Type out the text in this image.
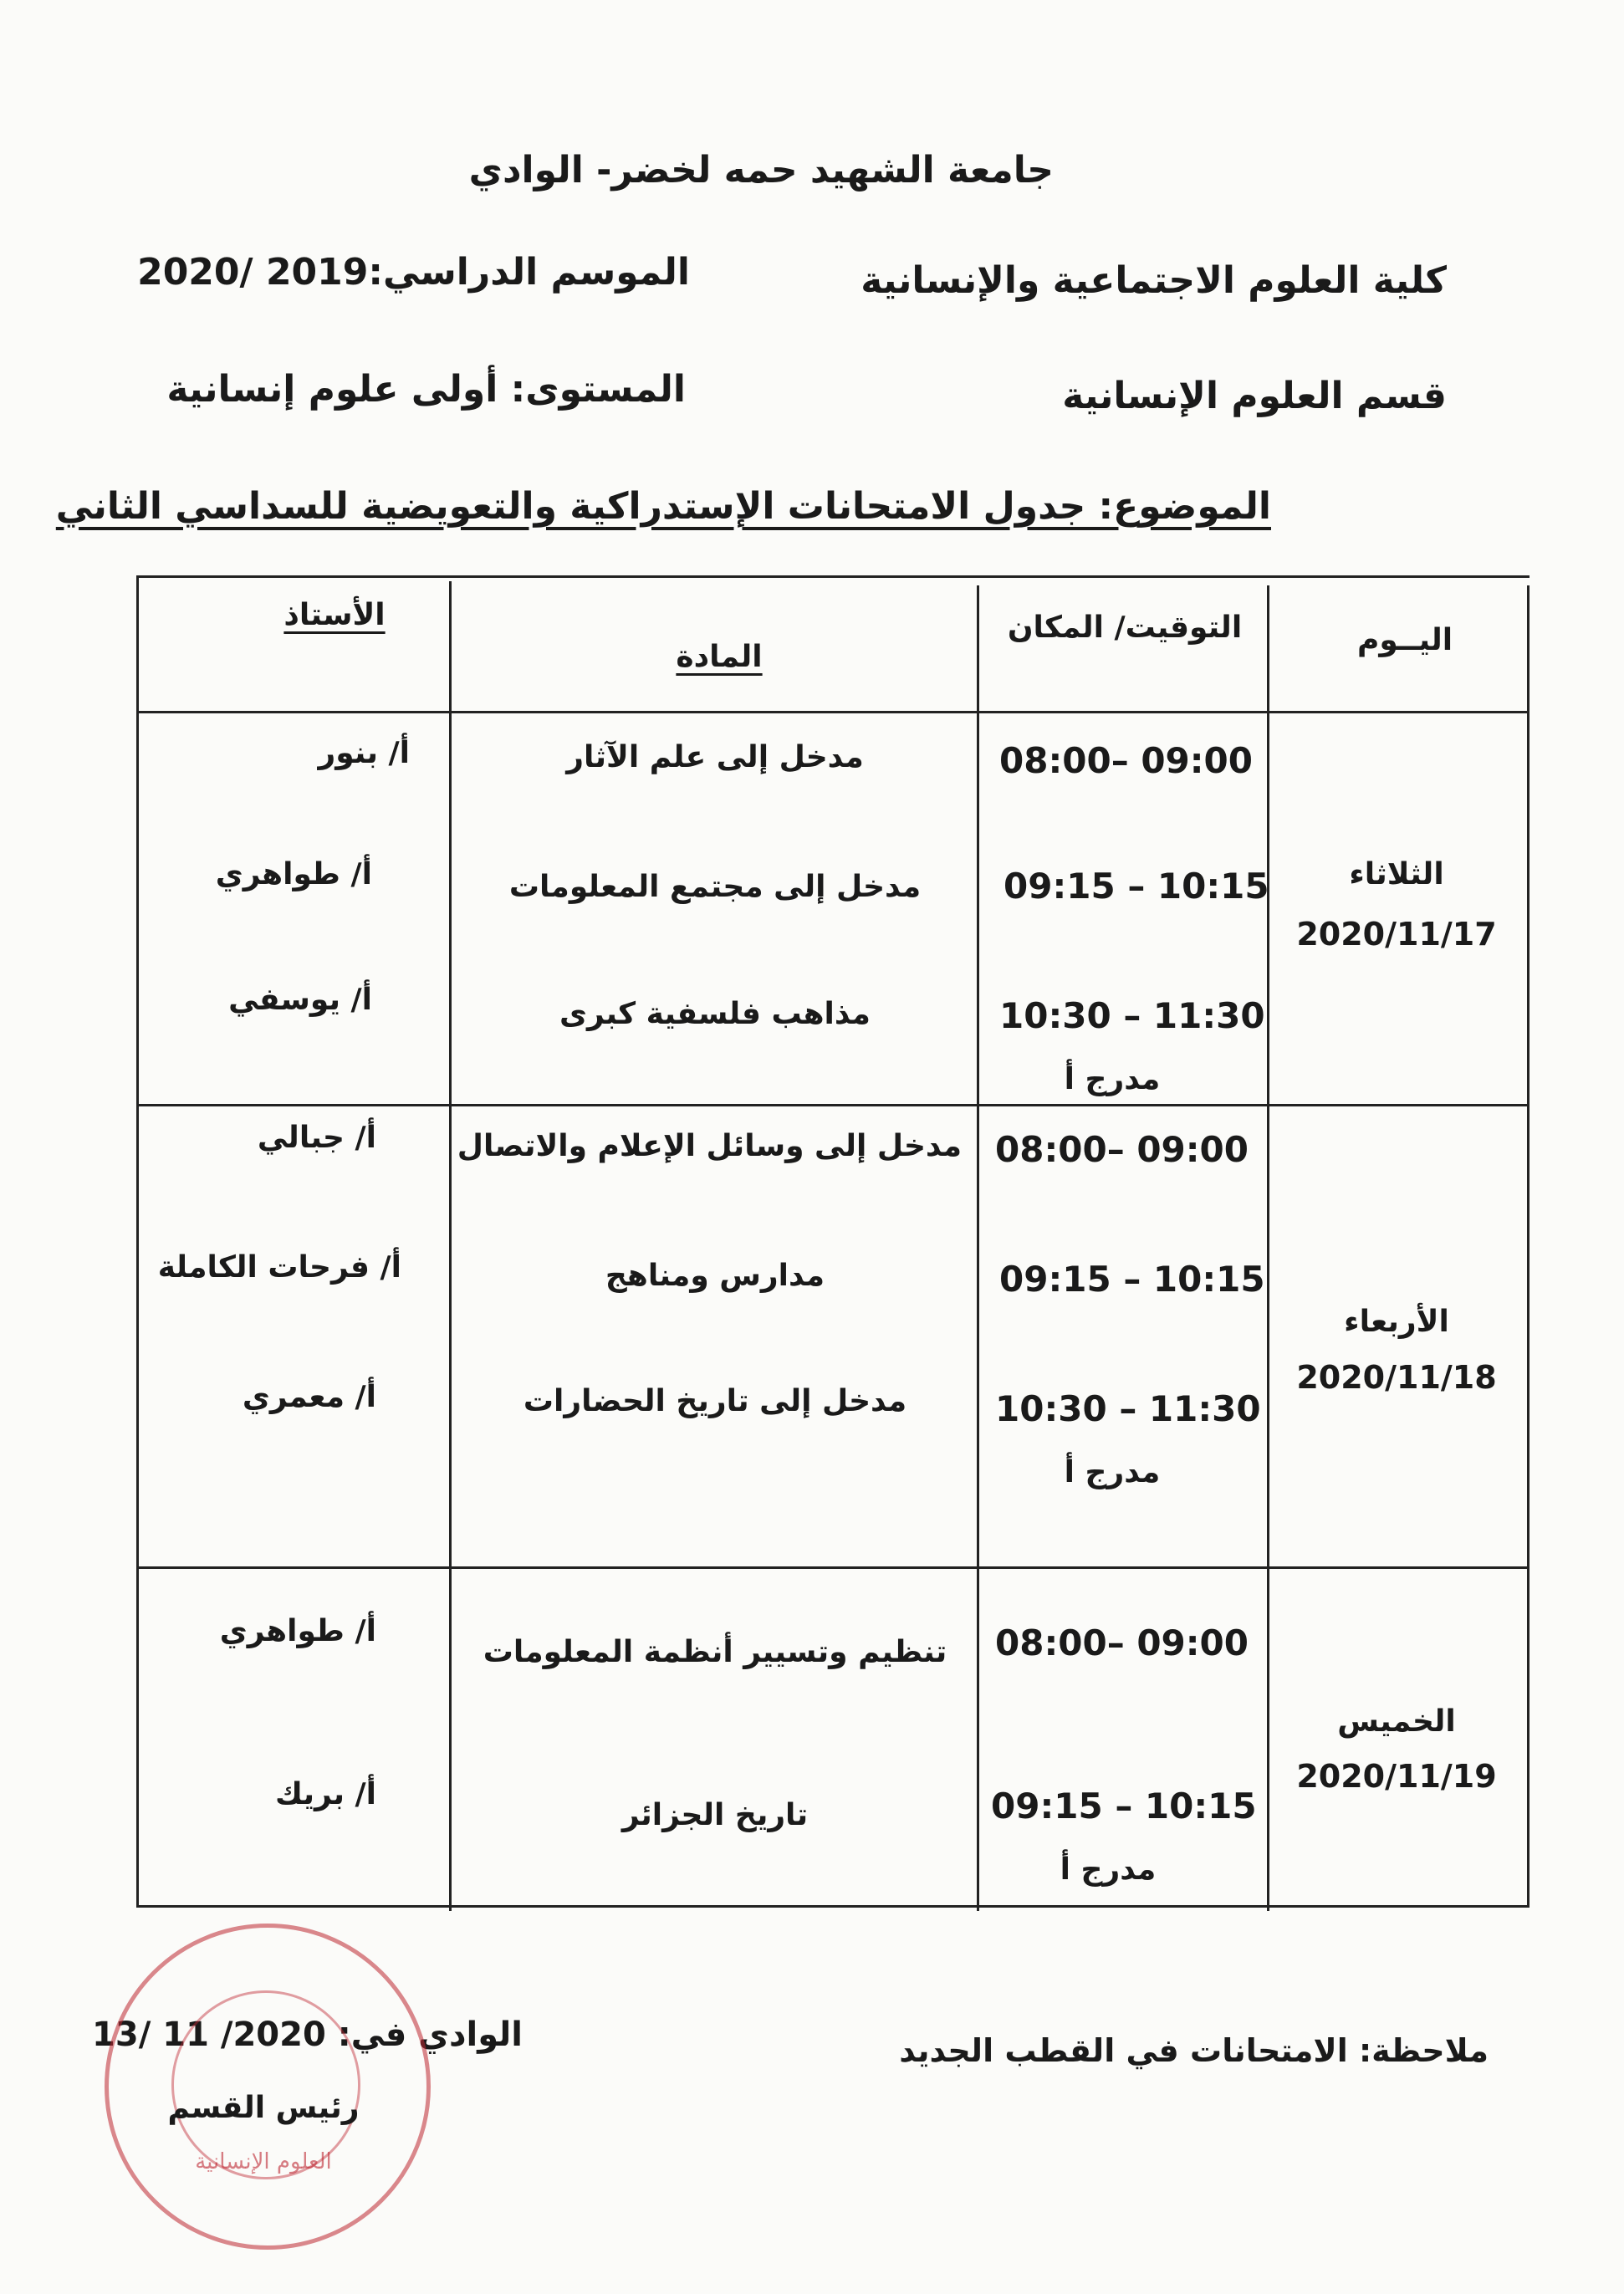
جامعة الشهيد حمه لخضر- الوادي
كلية العلوم الاجتماعية والإنسانية
الموسم الدراسي:2019 /2020
قسم العلوم الإنسانية
المستوى: أولى علوم إنسانية
الموضوع: جدول الامتحانات الإستدراكية والتعويضية للسداسي الثاني
اليــوم
التوقيت/ المكان
المادة
الأستاذ
الثلاثاء
2020/11/17
08:00– 09:00
09:15 – 10:15
10:30 – 11:30
مدرج أ
مدخل إلى علم الآثار
مدخل إلى مجتمع المعلومات
مذاهب فلسفية كبرى
أ/ بنور
أ/ طواهري
أ/ يوسفي
الأربعاء
2020/11/18
08:00– 09:00
09:15 – 10:15
10:30 – 11:30
مدرج أ
مدخل إلى وسائل الإعلام والاتصال
مدارس ومناهج
مدخل إلى تاريخ الحضارات
أ/ جبالي
أ/ فرحات الكاملة
أ/ معمري
الخميس
2020/11/19
08:00– 09:00
09:15 – 10:15
مدرج أ
تنظيم وتسيير أنظمة المعلومات
تاريخ الجزائر
أ/ طواهري
أ/ بريك
ملاحظة: الامتحانات في القطب الجديد
الوادي في: 2020/ 11 /13
رئيس القسم
العلوم الإنسانية
